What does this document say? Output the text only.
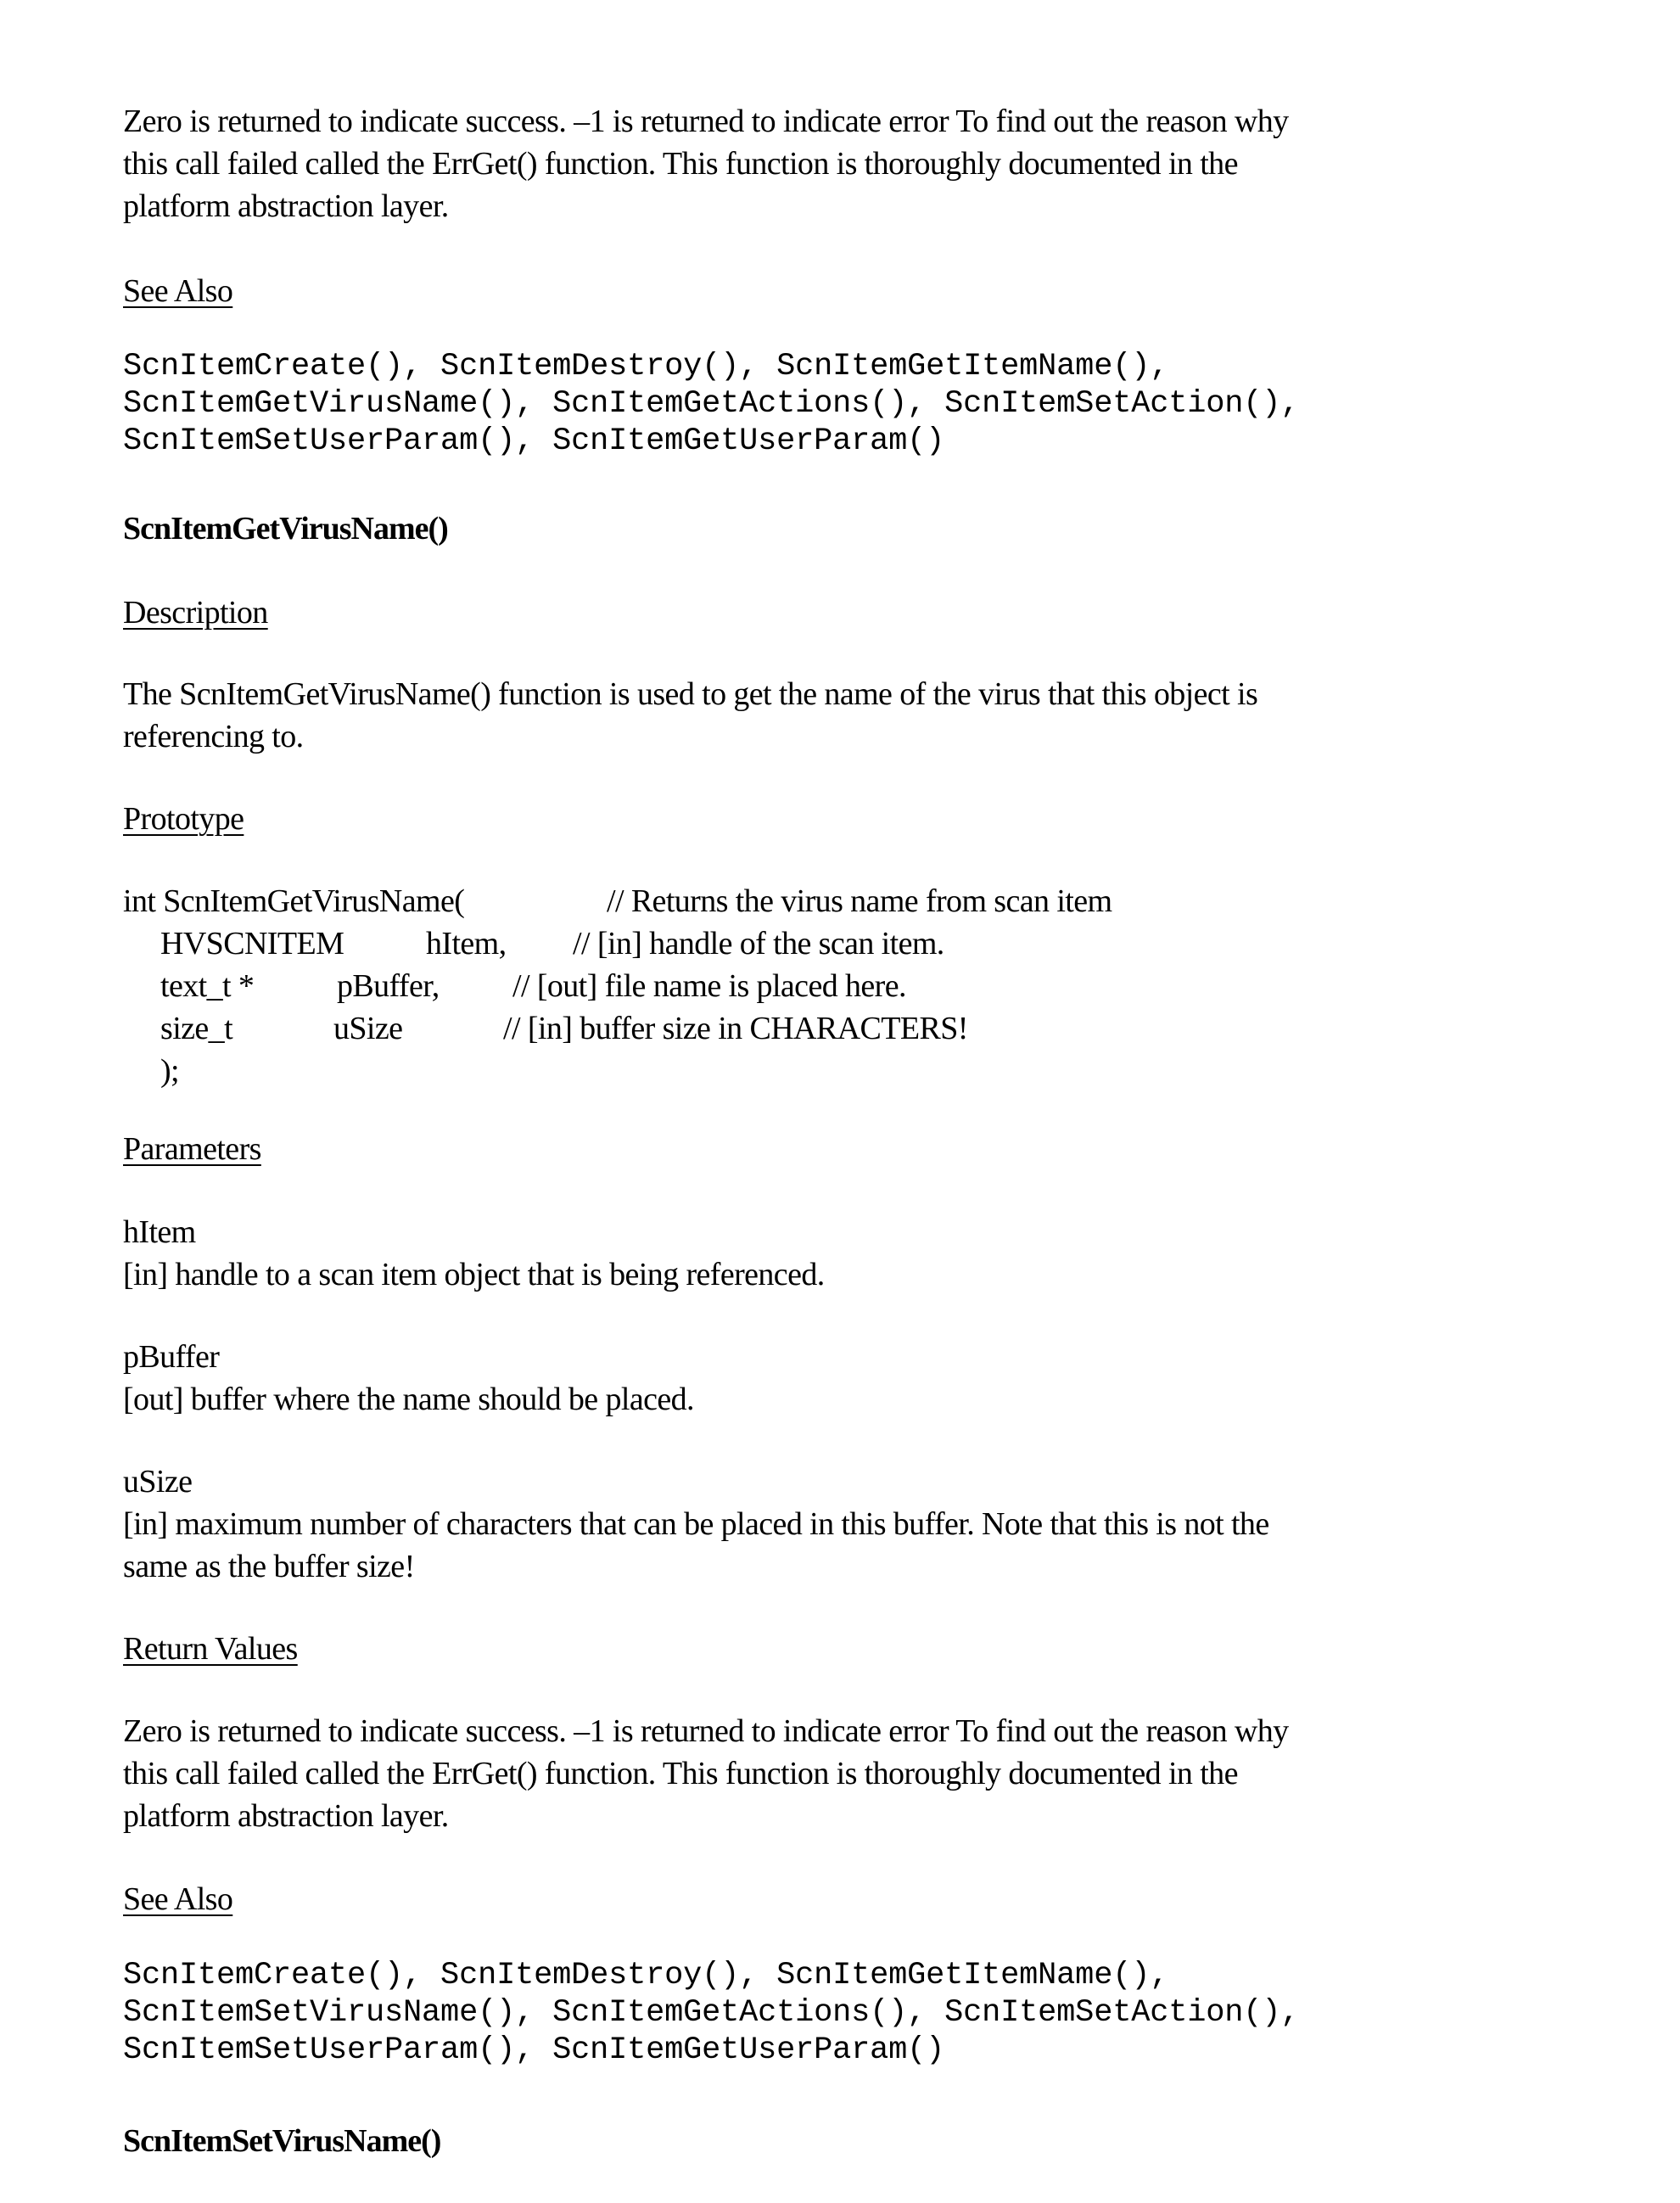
Zero is returned to indicate success. –1 is returned to indicate error To find out the reason why
this call failed called the ErrGet() function. This function is thoroughly documented in the
platform abstraction layer.
See Also
ScnItemCreate(), ScnItemDestroy(), ScnItemGetItemName(),
ScnItemGetVirusName(), ScnItemGetActions(), ScnItemSetAction(),
ScnItemSetUserParam(), ScnItemGetUserParam()
ScnItemGetVirusName()
Description
The ScnItemGetVirusName() function is used to get the name of the virus that this object is
referencing to.
Prototype
int ScnItemGetVirusName(	// Returns the virus name from scan item
HVSCNITEM	hItem, // [in] handle of the scan item.
text_t *	pBuffer, // [out] file name is placed here.
size_t	uSize	// [in] buffer size in CHARACTERS!
);
Parameters
hItem
[in] handle to a scan item object that is being referenced.
pBuffer
[out] buffer where the name should be placed.
uSize
[in] maximum number of characters that can be placed in this buffer. Note that this is not the
same as the buffer size!
Return Values
Zero is returned to indicate success. –1 is returned to indicate error To find out the reason why
this call failed called the ErrGet() function. This function is thoroughly documented in the
platform abstraction layer.
See Also
ScnItemCreate(), ScnItemDestroy(), ScnItemGetItemName(),
ScnItemSetVirusName(), ScnItemGetActions(), ScnItemSetAction(),
ScnItemSetUserParam(), ScnItemGetUserParam()
ScnItemSetVirusName()
